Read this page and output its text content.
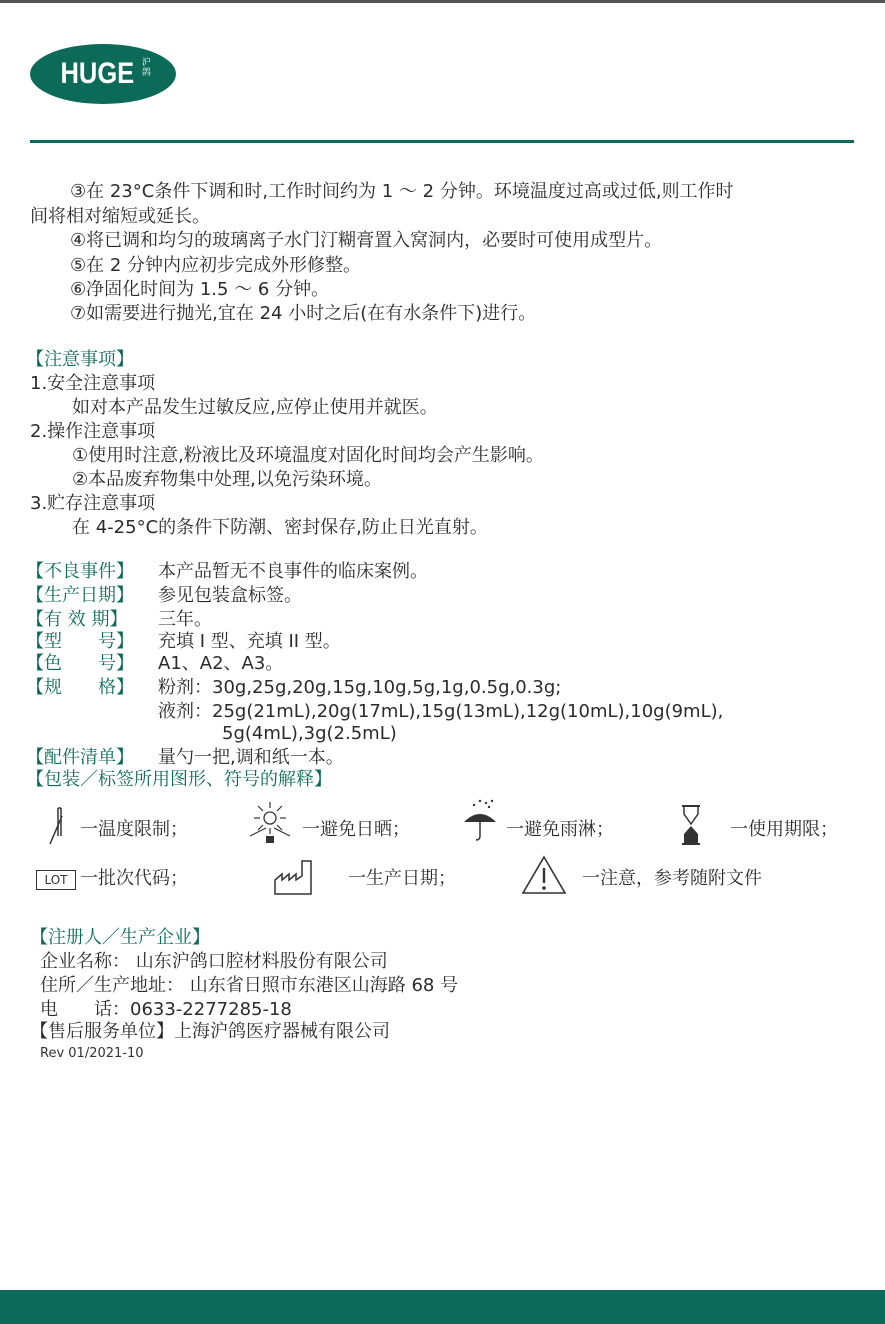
HUGE 沪鸽
③在 23°C条件下调和时,工作时间约为 1 ～ 2 分钟。环境温度过高或过低,则工作时
间将相对缩短或延长。
④将已调和均匀的玻璃离子水门汀糊膏置入窝洞内，必要时可使用成型片。
⑤在 2 分钟内应初步完成外形修整。
⑥净固化时间为 1.5 ～ 6 分钟。
⑦如需要进行抛光,宜在 24 小时之后(在有水条件下)进行。
【注意事项】
1.安全注意事项
如对本产品发生过敏反应,应停止使用并就医。
2.操作注意事项
①使用时注意,粉液比及环境温度对固化时间均会产生影响。
②本品废弃物集中处理,以免污染环境。
3.贮存注意事项
在 4-25°C的条件下防潮、密封保存,防止日光直射。
【不良事件】 本产品暂无不良事件的临床案例。
【生产日期】 参见包装盒标签。
【有 效 期】 三年。
【型　　号】 充填 I 型、充填 II 型。
【色　　号】 A1、A2、A3。
【规　　格】 粉剂：30g,25g,20g,15g,10g,5g,1g,0.5g,0.3g;
液剂：25g(21mL),20g(17mL),15g(13mL),12g(10mL),10g(9mL),
5g(4mL),3g(2.5mL)
【配件清单】 量勺一把,调和纸一本。
【包装／标签所用图形、符号的解释】
一温度限制；	一避免日晒；	一避免雨淋；	一使用期限；
LOT 一批次代码；	一生产日期；	一注意，参考随附文件
【注册人／生产企业】
企业名称： 山东沪鸽口腔材料股份有限公司
住所／生产地址： 山东省日照市东港区山海路 68 号
电　　话：0633-2277285-18
【售后服务单位】上海沪鸽医疗器械有限公司
Rev 01/2021-10
